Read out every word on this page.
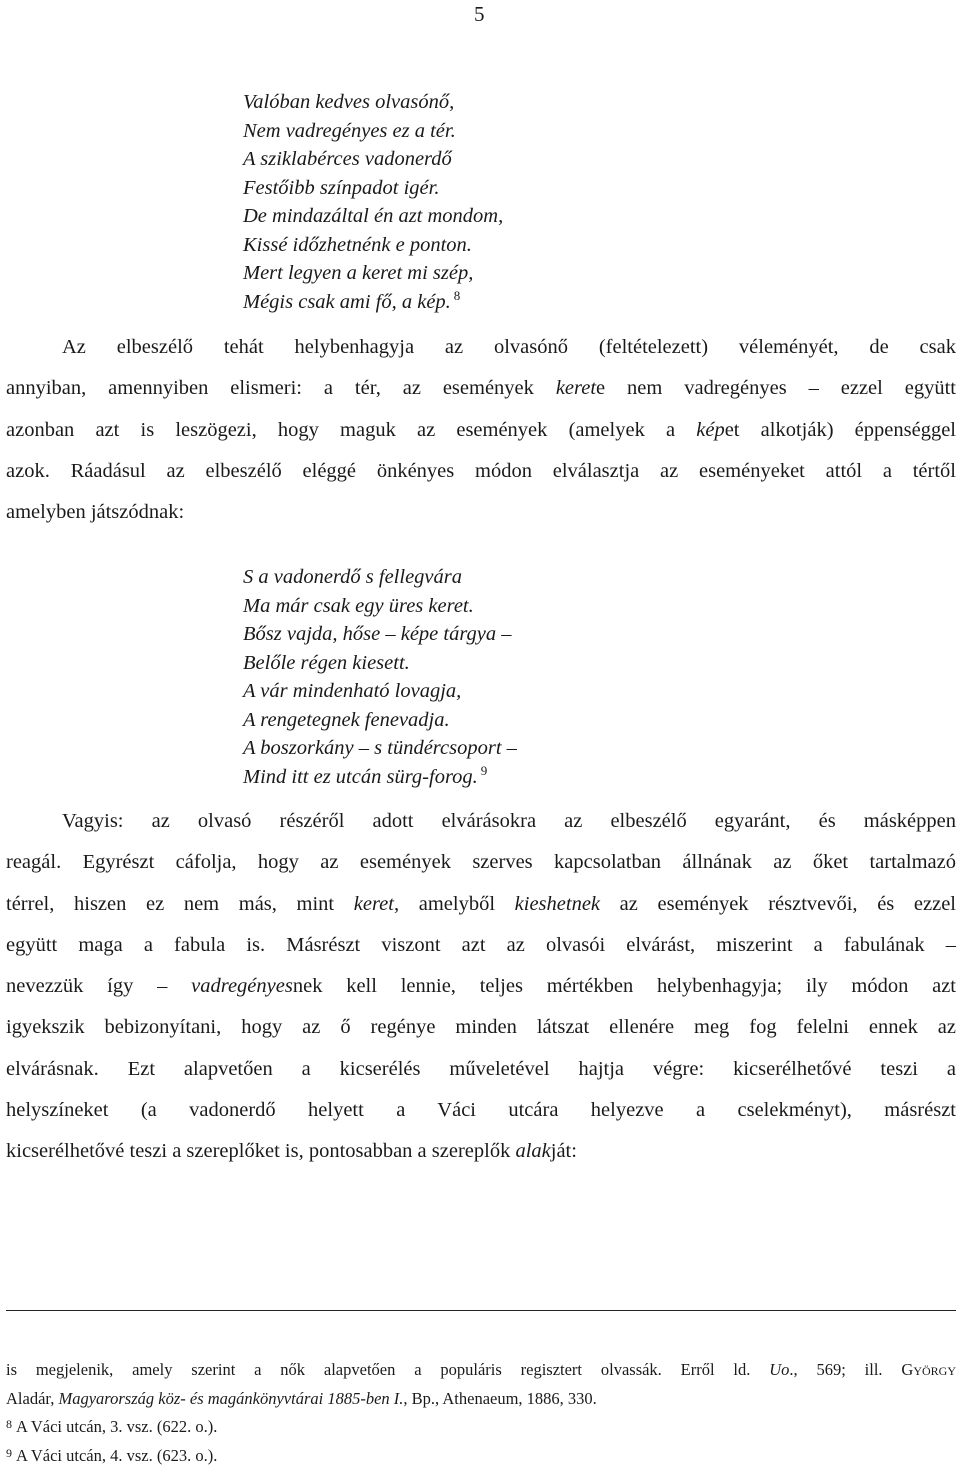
5
Valóban kedves olvasónő,
Nem vadregényes ez a tér.
A sziklabérces vadonerdő
Festőibb színpadot igér.
De mindazáltal én azt mondom,
Kissé időzhetnénk e ponton.
Mert legyen a keret mi szép,
Mégis csak ami fő, a kép. $^8$
Az elbeszélő tehát helybenhagyja az olvasónő (feltételezett) véleményét, de csak
annyiban, amennyiben elismeri: a tér, az események kerete nem vadregényes – ezzel együtt
azonban azt is leszögezi, hogy maguk az események (amelyek a képet alkotják) éppenséggel
azok. Ráadásul az elbeszélő eléggé önkényes módon elválasztja az eseményeket attól a tértől
amelyben játszódnak:
S a vadonerdő s fellegvára
Ma már csak egy üres keret.
Bősz vajda, hőse – képe tárgya –
Belőle régen kiesett.
A vár mindenható lovagja,
A rengetegnek fenevadja.
A boszorkány – s tündércsoport –
Mind itt ez utcán sürg-forog. $^9$
Vagyis: az olvasó részéről adott elvárásokra az elbeszélő egyaránt, és másképpen
reagál. Egyrészt cáfolja, hogy az események szerves kapcsolatban állnának az őket tartalmazó
térrel, hiszen ez nem más, mint keret, amelyből kieshetnek az események résztvevői, és ezzel
együtt maga a fabula is. Másrészt viszont azt az olvasói elvárást, miszerint a fabulának –
nevezzük így – vadregényesnek kell lennie, teljes mértékben helybenhagyja; ily módon azt
igyekszik bebizonyítani, hogy az ő regénye minden látszat ellenére meg fog felelni ennek az
elvárásnak. Ezt alapvetően a kicserélés műveletével hajtja végre: kicserélhetővé teszi a
helyszíneket (a vadonerdő helyett a Váci utcára helyezve a cselekményt), másrészt
kicserélhetővé teszi a szereplőket is, pontosabban a szereplők alakját:
is megjelenik, amely szerint a nők alapvetően a populáris regisztert olvassák. Erről ld. Uo., 569; ill. György
Aladár, Magyarország köz- és magánkönyvtárai 1885-ben I., Bp., Athenaeum, 1886, 330.
$^8$ A Váci utcán, 3. vsz. (622. o.).
$^9$ A Váci utcán, 4. vsz. (623. o.).
